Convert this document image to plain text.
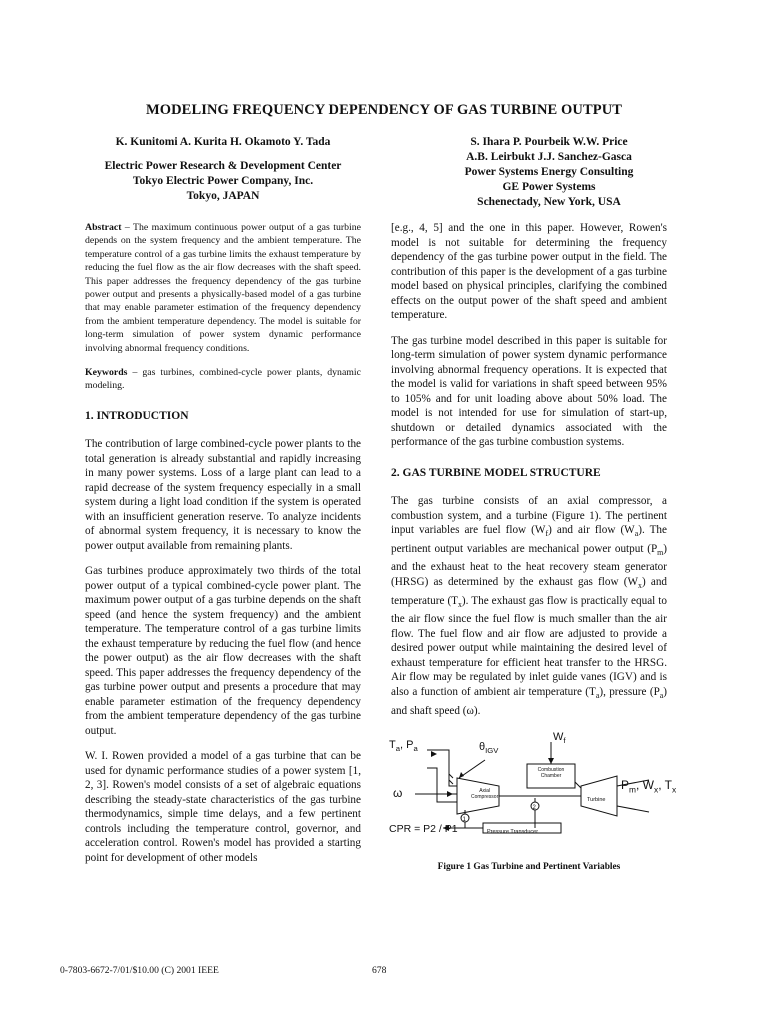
MODELING FREQUENCY DEPENDENCY OF GAS TURBINE OUTPUT
K. Kunitomi A. Kurita H. Okamoto Y. Tada
Electric Power Research & Development Center
Tokyo Electric Power Company, Inc.
Tokyo, JAPAN
S. Ihara P. Pourbeik W.W. Price
A.B. Leirbukt J.J. Sanchez-Gasca
Power Systems Energy Consulting
GE Power Systems
Schenectady, New York, USA

Abstract – The maximum continuous power output of a gas turbine depends on the system frequency and the ambient temperature. The temperature control of a gas turbine limits the exhaust temperature by reducing the fuel flow as the air flow decreases with the shaft speed. This paper addresses the frequency dependency of the gas turbine power output and presents a physically-based model of a gas turbine that may enable parameter estimation of the frequency dependency from the ambient temperature dependency. The model is suitable for long-term simulation of power system dynamic performance involving abnormal frequency conditions.

Keywords – gas turbines, combined-cycle power plants, dynamic modeling.

1. INTRODUCTION

The contribution of large combined-cycle power plants to the total generation is already substantial and rapidly increasing in many power systems. Loss of a large plant can lead to a rapid decrease of the system frequency especially in a small system during a light load condition if the system is operated with an insufficient generation reserve. To analyze incidents of abnormal system frequency, it is necessary to know the power output available from remaining plants.

Gas turbines produce approximately two thirds of the total power output of a typical combined-cycle power plant. The maximum power output of a gas turbine depends on the shaft speed (and hence the system frequency) and the ambient temperature. The temperature control of a gas turbine limits the exhaust temperature by reducing the fuel flow (and hence the power output) as the air flow decreases with the shaft speed. This paper addresses the frequency dependency of the gas turbine power output and presents a procedure that may enable parameter estimation of the frequency dependency from the ambient temperature dependency of the gas turbine output.

W. I. Rowen provided a model of a gas turbine that can be used for dynamic performance studies of a power system [1, 2, 3]. Rowen's model consists of a set of algebraic equations describing the steady-state characteristics of the gas turbine thermodynamics, simple time delays, and a few pertinent controls including the temperature control, governor, and acceleration control. Rowen's model has provided a starting point for development of other models

[e.g., 4, 5] and the one in this paper. However, Rowen's model is not suitable for determining the frequency dependency of the gas turbine power output in the field. The contribution of this paper is the development of a gas turbine model based on physical principles, clarifying the combined effects on the output power of the shaft speed and ambient temperature.

The gas turbine model described in this paper is suitable for long-term simulation of power system dynamic performance involving abnormal frequency operations. It is expected that the model is valid for variations in shaft speed between 95% to 105% and for unit loading above about 50% load. The model is not intended for use for simulation of start-up, shutdown or detailed dynamics associated with the performance of the gas turbine combustion systems.

2. GAS TURBINE MODEL STRUCTURE

The gas turbine consists of an axial compressor, a combustion system, and a turbine (Figure 1). The pertinent input variables are fuel flow $(W_f)$ and air flow $(W_a)$. The pertinent output variables are mechanical power output $(P_m)$ and the exhaust heat to the heat recovery steam generator (HRSG) as determined by the exhaust gas flow $(W_x)$ and temperature $(T_x)$. The exhaust gas flow is practically equal to the air flow since the fuel flow is much smaller than the air flow. The fuel flow and air flow are adjusted to provide a desired power output while maintaining the desired level of exhaust temperature for efficient heat transfer to the HRSG. Air flow may be regulated by inlet guide vanes (IGV) and is also a function of ambient air temperature $(T_a)$, pressure $(P_a)$ and shaft speed (ω).

$T_a$, $P_a$	$\theta_{IGV}$
$W_f$
Combustion
Chamber
Axial
Compressor	Turbine
ω
$P_m$, $W_x$, $T_x$
1
2
CPR = P2 / P1	Pressure Transducer
Figure 1 Gas Turbine and Pertinent Variables
0-7803-6672-7/01/$10.00 (C) 2001 IEEE	678
